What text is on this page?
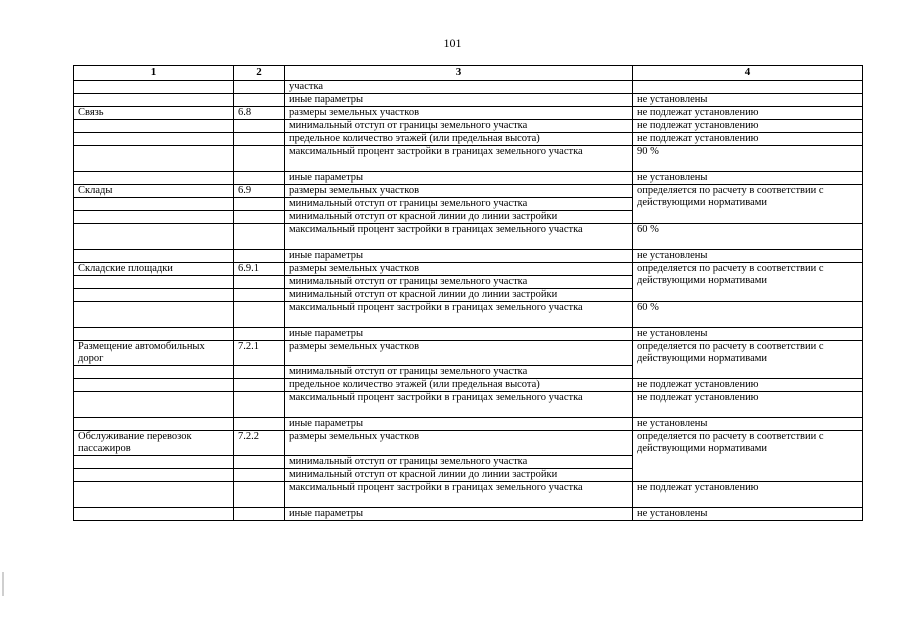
101
1	2	3	4
		участка	
		иные параметры	не установлены
Связь	6.8	размеры земельных участков	не подлежат установлению
		минимальный отступ от границы земельного участка	не подлежат установлению
		предельное количество этажей (или предельная высота)	не подлежат установлению
		максимальный процент застройки в границах земельного участка	90 %
		иные параметры	не установлены
Склады	6.9	размеры земельных участков	определяется по расчету в соответствии с действующими нормативами
		минимальный отступ от границы земельного участка	
		минимальный отступ от красной линии до линии застройки	
		максимальный процент застройки в границах земельного участка	60 %
		иные параметры	не установлены
Складские площадки	6.9.1	размеры земельных участков	определяется по расчету в соответствии с действующими нормативами
		минимальный отступ от границы земельного участка	
		минимальный отступ от красной линии до линии застройки	
		максимальный процент застройки в границах земельного участка	60 %
		иные параметры	не установлены
Размещение автомобильных дорог	7.2.1	размеры земельных участков	определяется по расчету в соответствии с действующими нормативами
		минимальный отступ от границы земельного участка	
		предельное количество этажей (или предельная высота)	не подлежат установлению
		максимальный процент застройки в границах земельного участка	не подлежат установлению
		иные параметры	не установлены
Обслуживание перевозок пассажиров	7.2.2	размеры земельных участков	определяется по расчету в соответствии с действующими нормативами
		минимальный отступ от границы земельного участка	
		минимальный отступ от красной линии до линии застройки	
		максимальный процент застройки в границах земельного участка	не подлежат установлению
		иные параметры	не установлены
